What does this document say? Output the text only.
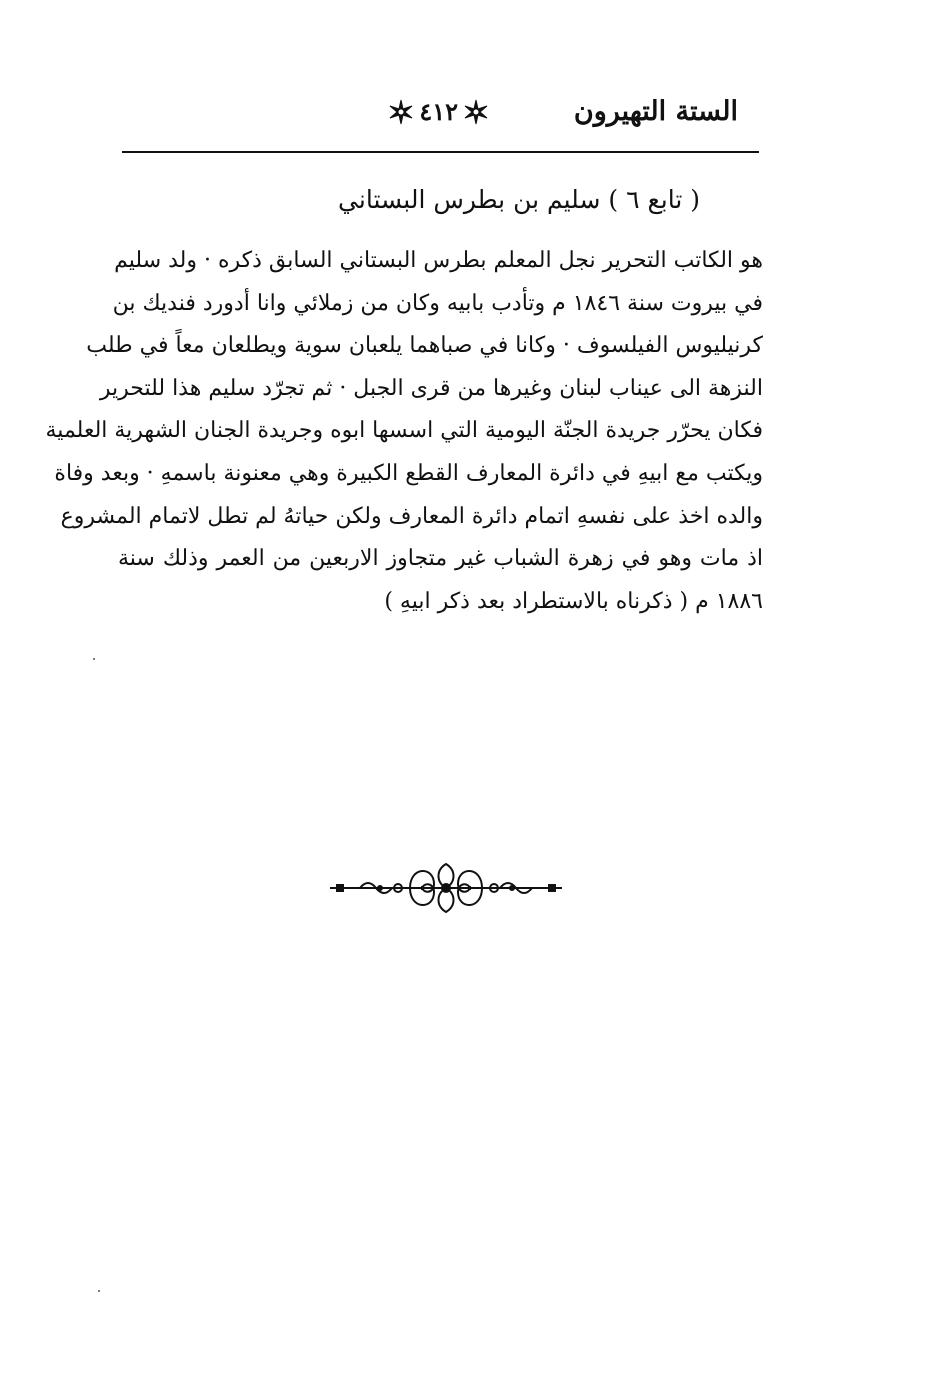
الستة التهيرون
٤١٢
( تابع ٦ ) سليم بن بطرس البستاني
هو الكاتب التحرير نجل المعلم بطرس البستاني السابق ذكره · ولد سليم
في بيروت سنة ١٨٤٦ م وتأدب بابيه وكان من زملائي وانا أدورد فنديك بن
كرنيليوس الفيلسوف · وكانا في صباهما يلعبان سوية ويطلعان معاً في طلب
النزهة الى عيناب لبنان وغيرها من قرى الجبل · ثم تجرّد سليم هذا للتحرير
فكان يحرّر جريدة الجنّة اليومية التي اسسها ابوه وجريدة الجنان الشهرية العلمية
ويكتب مع ابيهِ في دائرة المعارف القطع الكبيرة وهي معنونة باسمهِ · وبعد وفاة
والده اخذ على نفسهِ اتمام دائرة المعارف ولكن حياتهُ لم تطل لاتمام المشروع
اذ مات وهو في زهرة الشباب غير متجاوز الاربعين من العمر وذلك سنة
١٨٨٦ م ( ذكرناه بالاستطراد بعد ذكر ابيهِ )
